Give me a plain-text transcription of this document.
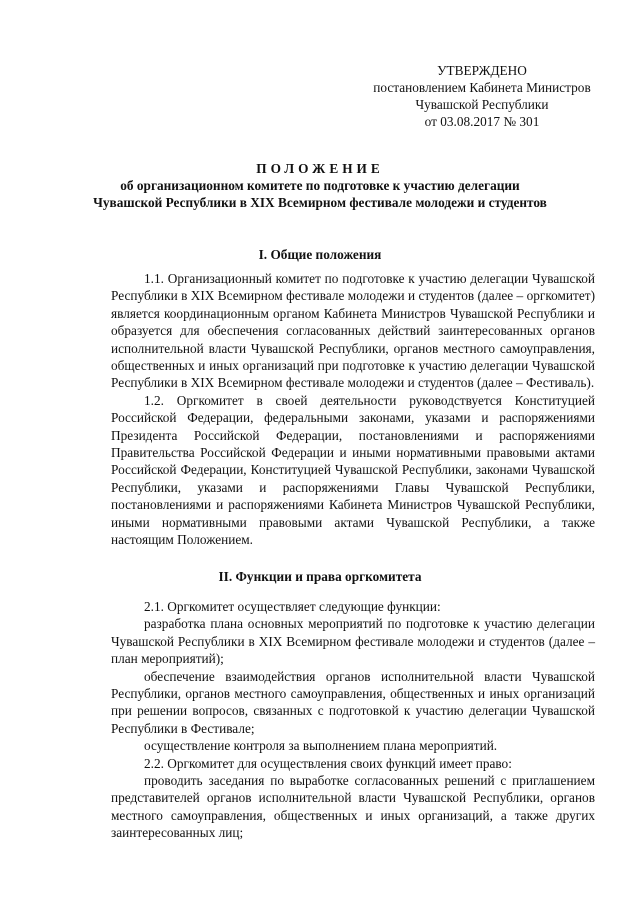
УТВЕРЖДЕНО
постановлением Кабинета Министров
Чувашской Республики
от 03.08.2017 № 301
ПОЛОЖЕНИЕ
об организационном комитете по подготовке к участию делегации
Чувашской Республики в XIX Всемирном фестивале молодежи и студентов
I. Общие положения

1.1. Организационный комитет по подготовке к участию делегации Чувашской Республики в XIX Всемирном фестивале молодежи и студентов (далее – оргкомитет) является координационным органом Кабинета Министров Чувашской Республики и образуется для обеспечения согласованных действий заинтересованных органов исполнительной власти Чувашской Республики, органов местного самоуправления, общественных и иных организаций при подготовке к участию делегации Чувашской Республики в XIX Всемирном фестивале молодежи и студентов (далее – Фестиваль).

1.2. Оргкомитет в своей деятельности руководствуется Конституцией Российской Федерации, федеральными законами, указами и распоряжениями Президента Российской Федерации, постановлениями и распоряжениями Правительства Российской Федерации и иными нормативными правовыми актами Российской Федерации, Конституцией Чувашской Республики, законами Чувашской Республики, указами и распоряжениями Главы Чувашской Республики, постановлениями и распоряжениями Кабинета Министров Чувашской Республики, иными нормативными правовыми актами Чувашской Республики, а также настоящим Положением.

II. Функции и права оргкомитета

2.1. Оргкомитет осуществляет следующие функции:

разработка плана основных мероприятий по подготовке к участию делегации Чувашской Республики в XIX Всемирном фестивале молодежи и студентов (далее – план мероприятий);

обеспечение взаимодействия органов исполнительной власти Чувашской Республики, органов местного самоуправления, общественных и иных организаций при решении вопросов, связанных с подготовкой к участию делегации Чувашской Республики в Фестивале;

осуществление контроля за выполнением плана мероприятий.

2.2. Оргкомитет для осуществления своих функций имеет право:

проводить заседания по выработке согласованных решений с приглашением представителей органов исполнительной власти Чувашской Республики, органов местного самоуправления, общественных и иных организаций, а также других заинтересованных лиц;
